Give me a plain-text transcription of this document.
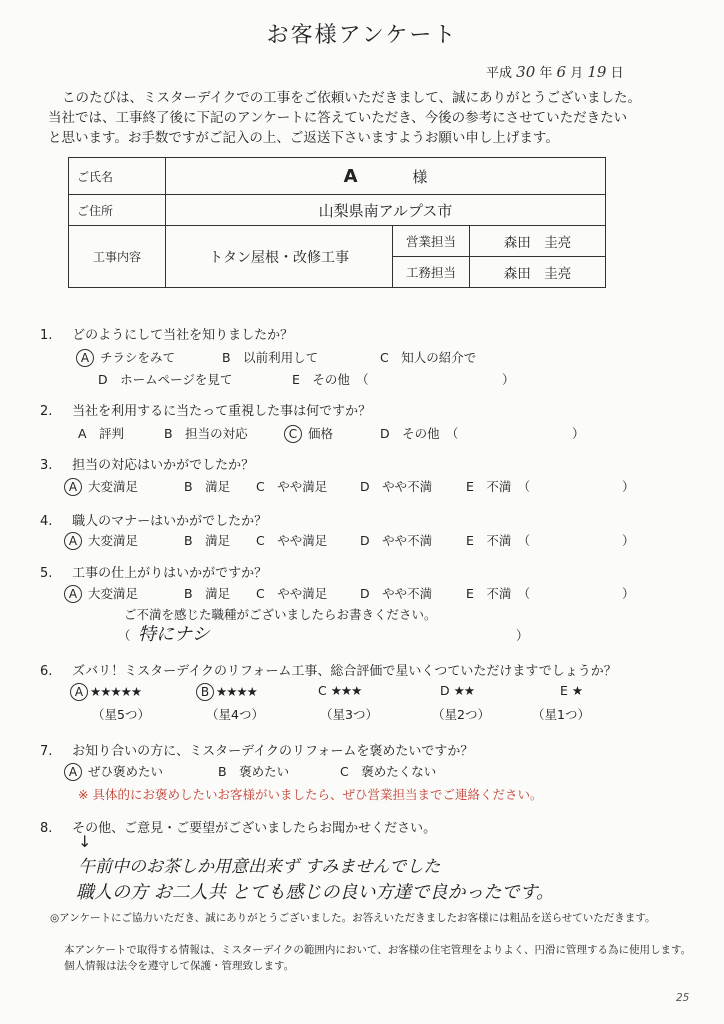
お客様アンケート
平成 30 年 6 月 19 日
このたびは、ミスターデイクでの工事をご依頼いただきまして、誠にありがとうございました。
当社では、工事終了後に下記のアンケートに答えていただき、今後の参考にさせていただきたい
と思います。お手数ですがご記入の上、ご返送下さいますようお願い申し上げます。
ご氏名	A 様		
ご住所	山梨県南アルプス市		
工事内容	トタン屋根・改修工事	営業担当	森田　圭亮
		工務担当	森田　圭亮
1. どのようにして当社を知りましたか？
A チラシをみて	B　以前利用して	C　知人の紹介で
D　ホームページを見て	E　その他　（	）
2. 当社を利用するに当たって重視した事は何ですか？
A　評判	B　担当の対応	C 価格	D　その他　（	）
3. 担当の対応はいかがでしたか？
A 大変満足	B　満足 C　やや満足	D　やや不満	E　不満　（	）
4. 職人のマナーはいかがでしたか？
A 大変満足	B　満足 C　やや満足	D　やや不満	E　不満　（	）
5. 工事の仕上がりはいかがですか？
A 大変満足	B　満足 C　やや満足	D　やや不満	E　不満　（	）
ご不満を感じた職種がございましたらお書きください。
（ 特にナシ	）
6. ズバリ！ミスターデイクのリフォーム工事、総合評価で星いくつていただけますでしょうか？
A ★★★★★
（星5つ）
B ★★★★
（星4つ）
C ★★★
（星3つ）
D ★★
（星2つ）
E ★
（星1つ）
7. お知り合いの方に、ミスターデイクのリフォームを褒めたいですか？
A ぜひ褒めたい	B　褒めたい	C　褒めたくない
※ 具体的にお褒めしたいお客様がいましたら、ぜひ営業担当までご連絡ください。
8. その他、ご意見・ご要望がございましたらお聞かせください。
↓
午前中のお茶しか用意出来ず すみませんでした
職人の方 お二人共 とても感じの良い方達で良かったです。
◎アンケートにご協力いただき、誠にありがとうございました。お答えいただきましたお客様には粗品を送らせていただきます。
本アンケートで取得する情報は、ミスターデイクの範囲内において、お客様の住宅管理をよりよく、円滑に管理する為に使用します。
個人情報は法令を遵守して保護・管理致します。
25
